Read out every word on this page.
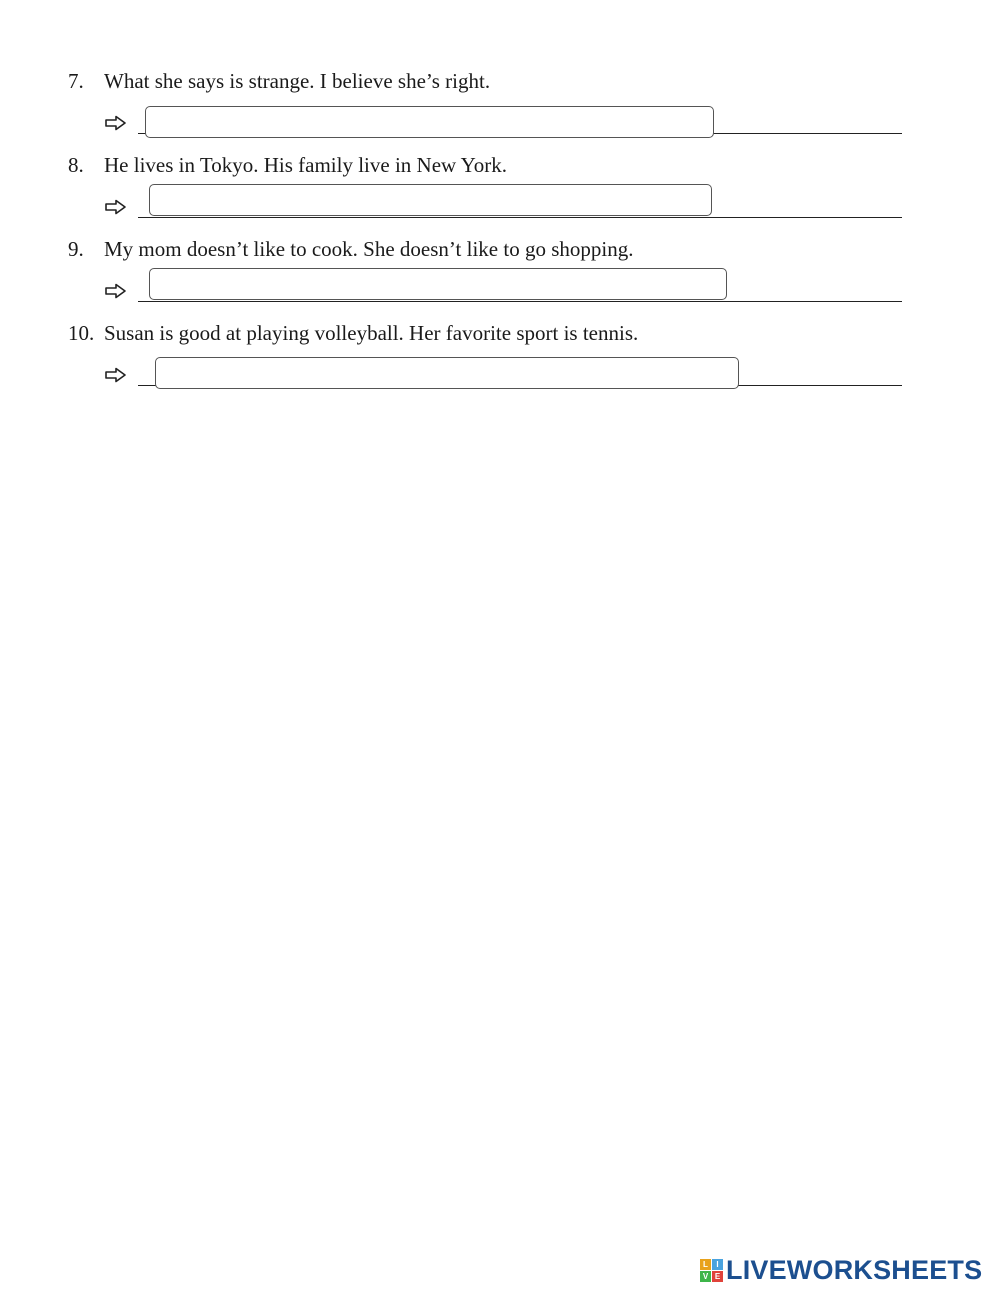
7. What she says is strange. I believe she’s right.
8. He lives in Tokyo. His family live in New York.
9. My mom doesn’t like to cook. She doesn’t like to go shopping.
10. Susan is good at playing volleyball. Her favorite sport is tennis.
L	I
V E LIVEWORKSHEETS
